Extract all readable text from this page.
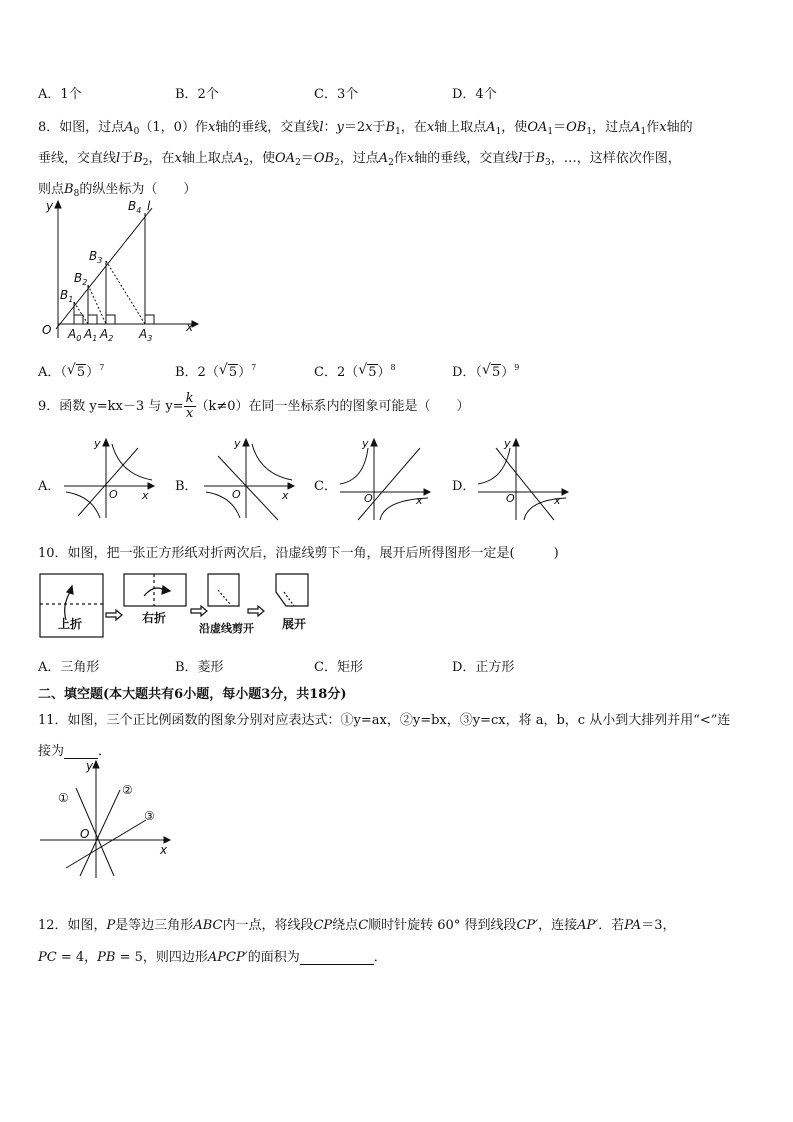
A．1个	B．2个	C．3个	D．4个
8．如图，过点$A_0(1$，0）作x轴的垂线，交直线l：y＝2x于$B_1$，在x轴上取点$A_1$，使$OA_1=OB_1$，过点$A_1$作x轴的
垂线，交直线l于$B_2$，在x轴上取点$A_2$，使$OA_2=OB_2$，过点$A_2$作x轴的垂线，交直线l于$B_3$，…，这样依次作图，
则点$B_8$的纵坐标为（　　）
y
x
O
l
$B_4$
$B_3$
$B_2$
$B_1$
$A_0$ $A_1$ $A_2$ $A_3$
A．（ √ 5）$^7$	B．2（ √ 5）$^7$	C．2（ √ 5）$^8$	D．（ √ 5）$^9$
9．函数 y=kx－3 与 $y= \frac{k}{x} (k\ne 0)$在同一坐标系内的图象可能是（　　）
A．	B．	C．	D．
y
O x
y
O	x
y
O	x
y
O	x
10．如图，把一张正方形纸对折两次后，沿虚线剪下一角，展开后所得图形一定是(　　　)
上折	右折
沿虚线剪开 展开
A．三角形	B．菱形	C．矩形	D．正方形
二、填空题(本大题共有6小题，每小题3分，共18分)
11．如图，三个正比例函数的图象分别对应表达式：①y=ax，②y=bx，③y=cx，将 a，b，c 从小到大排列并用“<”连
接为	．
y
x
O
①
②
③
12．如图，P是等边三角形ABC内一点，将线段CP绕点C顺时针旋转 60° 得到线段CP′，连接AP′．若PA＝3，
PC = 4，PB = 5，则四边形APCP′的面积为	．
